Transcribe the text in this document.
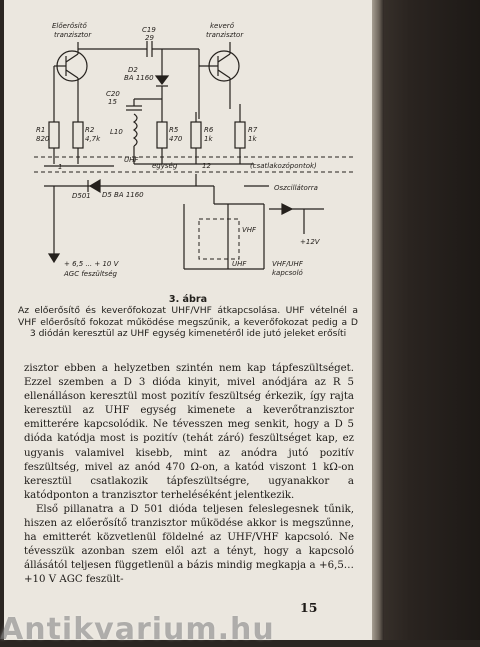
Előerősítő
tranzisztor
keverő
tranzisztor
C19
29
D2
BA 1160
C20
15
L10
R1
820
R2
4,7k
R5
470
R6
1k
R7
1k
UHF
egység	12	(csatlakozópontok)
1
D501 D5 BA 1160
Oszcillátorra
VHF
UHF
+12V
+ 6,5 ... + 10 V
AGC feszültség
VHF/UHF
kapcsoló
3. ábra
Az előerősítő és keverőfokozat UHF/VHF átkapcsolása. UHF vételnél a VHF előerősítő fokozat működése megszűnik, a keverőfokozat pedig a D 3 diódán keresztül az UHF egység kimenetéről ide jutó jeleket erősíti

zisztor ebben a helyzetben szintén nem kap tápfeszültséget. Ezzel szemben a D 3 dióda kinyit, mivel anódjára az R 5 ellenálláson keresztül most pozitív feszültség érkezik, így rajta keresztül az UHF egység kimenete a keverőtranzisztor emitterére kapcsolódik. Ne tévesszen meg senkit, hogy a D 5 dióda katódja most is pozitív (tehát záró) feszültséget kap, ez ugyanis valamivel kisebb, mint az anódra jutó pozitív feszültség, mivel az anód 470 Ω-on, a katód viszont 1 kΩ-on keresztül csatlakozik tápfeszültségre, ugyanakkor a katódponton a tranzisztor terheléséként jelentkezik.

Első pillanatra a D 501 dióda teljesen feleslegesnek tűnik, hiszen az előerősítő tranzisztor működése akkor is megszűnne, ha emitterét közvetlenül földelné az UHF/VHF kapcsoló. Ne tévesszük azonban szem elől azt a tényt, hogy a kapcsoló állásától teljesen függetlenül a bázis mindig megkapja a +6,5…+10 V AGC feszült-

15
Antikvarium.hu
